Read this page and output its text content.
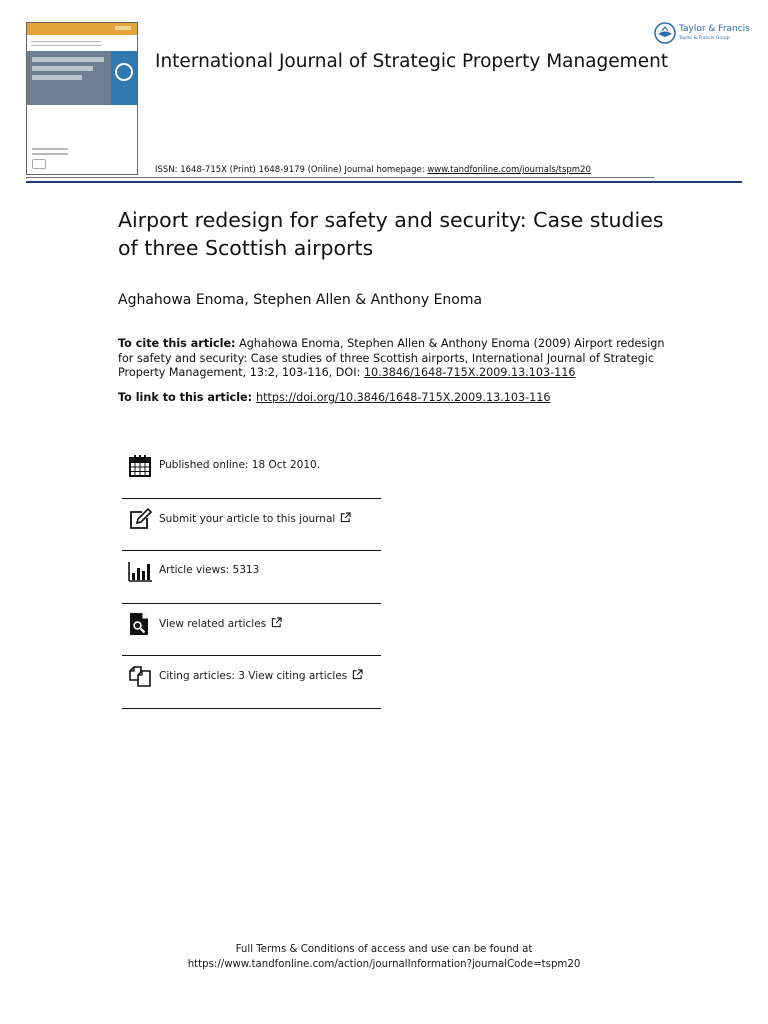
International Journal of Strategic Property Management
ISSN: 1648-715X (Print) 1648-9179 (Online) Journal homepage: www.tandfonline.com/journals/tspm20
Taylor & Francis
Taylor & Francis Group
Airport redesign for safety and security: Case studies of three Scottish airports
Aghahowa Enoma, Stephen Allen & Anthony Enoma
To cite this article: Aghahowa Enoma, Stephen Allen & Anthony Enoma (2009) Airport redesign for safety and security: Case studies of three Scottish airports, International Journal of Strategic Property Management, 13:2, 103-116, DOI: 10.3846/1648-715X.2009.13.103-116
To link to this article: https://doi.org/10.3846/1648-715X.2009.13.103-116
Published online: 18 Oct 2010.
Submit your article to this journal
Article views: 5313
View related articles
Citing articles: 3 View citing articles
Full Terms & Conditions of access and use can be found at
https://www.tandfonline.com/action/journalInformation?journalCode=tspm20
